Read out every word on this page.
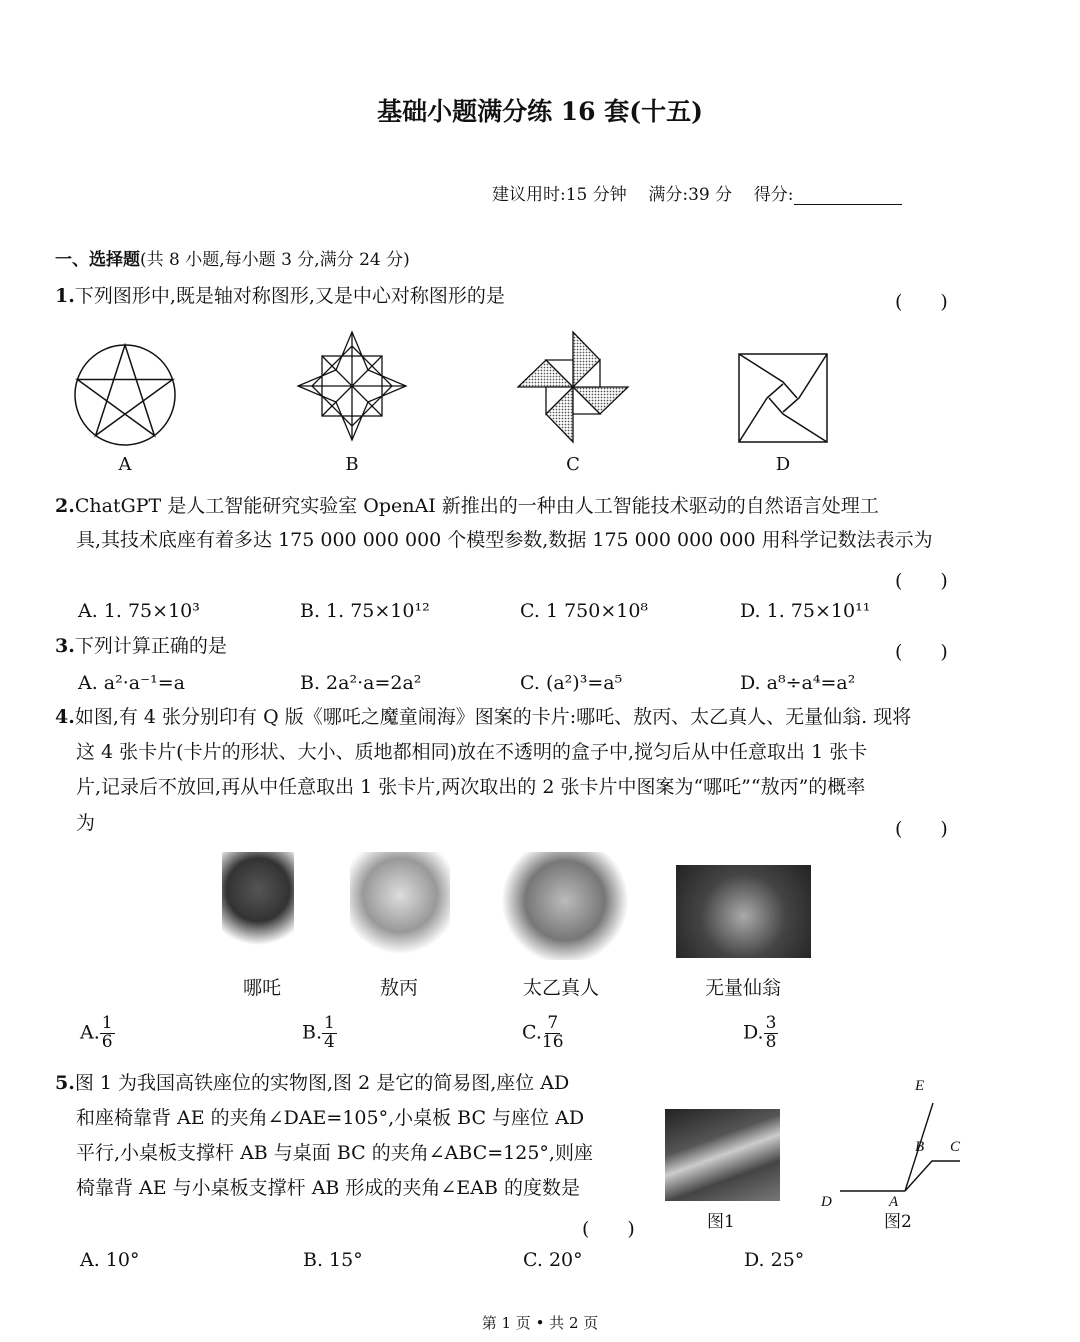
基础小题满分练 16 套(十五)
建议用时:15 分钟 满分:39 分 得分:
一、选择题(共 8 小题,每小题 3 分,满分 24 分)
1.下列图形中,既是轴对称图形,又是中心对称图形的是	(　　)
A	B	C	D
2.ChatGPT 是人工智能研究实验室 OpenAI 新推出的一种由人工智能技术驱动的自然语言处理工
具,其技术底座有着多达 175 000 000 000 个模型参数,数据 175 000 000 000 用科学记数法表示为
(　　)
A. 1. 75×10³	B. 1. 75×10¹²	C. 1 750×10⁸	D. 1. 75×10¹¹
3.下列计算正确的是	(　　)
A. a²·a⁻¹=a	B. 2a²·a=2a²	C. (a²)³=a⁵	D. a⁸÷a⁴=a²
4.如图,有 4 张分别印有 Q 版《哪吒之魔童闹海》图案的卡片:哪吒、敖丙、太乙真人、无量仙翁. 现将
这 4 张卡片(卡片的形状、大小、质地都相同)放在不透明的盒子中,搅匀后从中任意取出 1 张卡
片,记录后不放回,再从中任意取出 1 张卡片,两次取出的 2 张卡片中图案为“哪吒”“敖丙”的概率
为	(　　)
哪吒	敖丙	太乙真人	无量仙翁
A. $\frac{1}{6}$	B. $\frac{1}{4}$	C. $\frac{7}{16}$	D. $\frac{3}{8}$
5.图 1 为我国高铁座位的实物图,图 2 是它的简易图,座位 AD
和座椅靠背 AE 的夹角∠DAE=105°,小桌板 BC 与座位 AD
平行,小桌板支撑杆 AB 与桌面 BC 的夹角∠ABC=125°,则座
椅靠背 AE 与小桌板支撑杆 AB 形成的夹角∠EAB 的度数是
(　　)	图1
E
B C
D	A
图2
A. 10°	B. 15°	C. 20°	D. 25°
第 1 页 • 共 2 页
